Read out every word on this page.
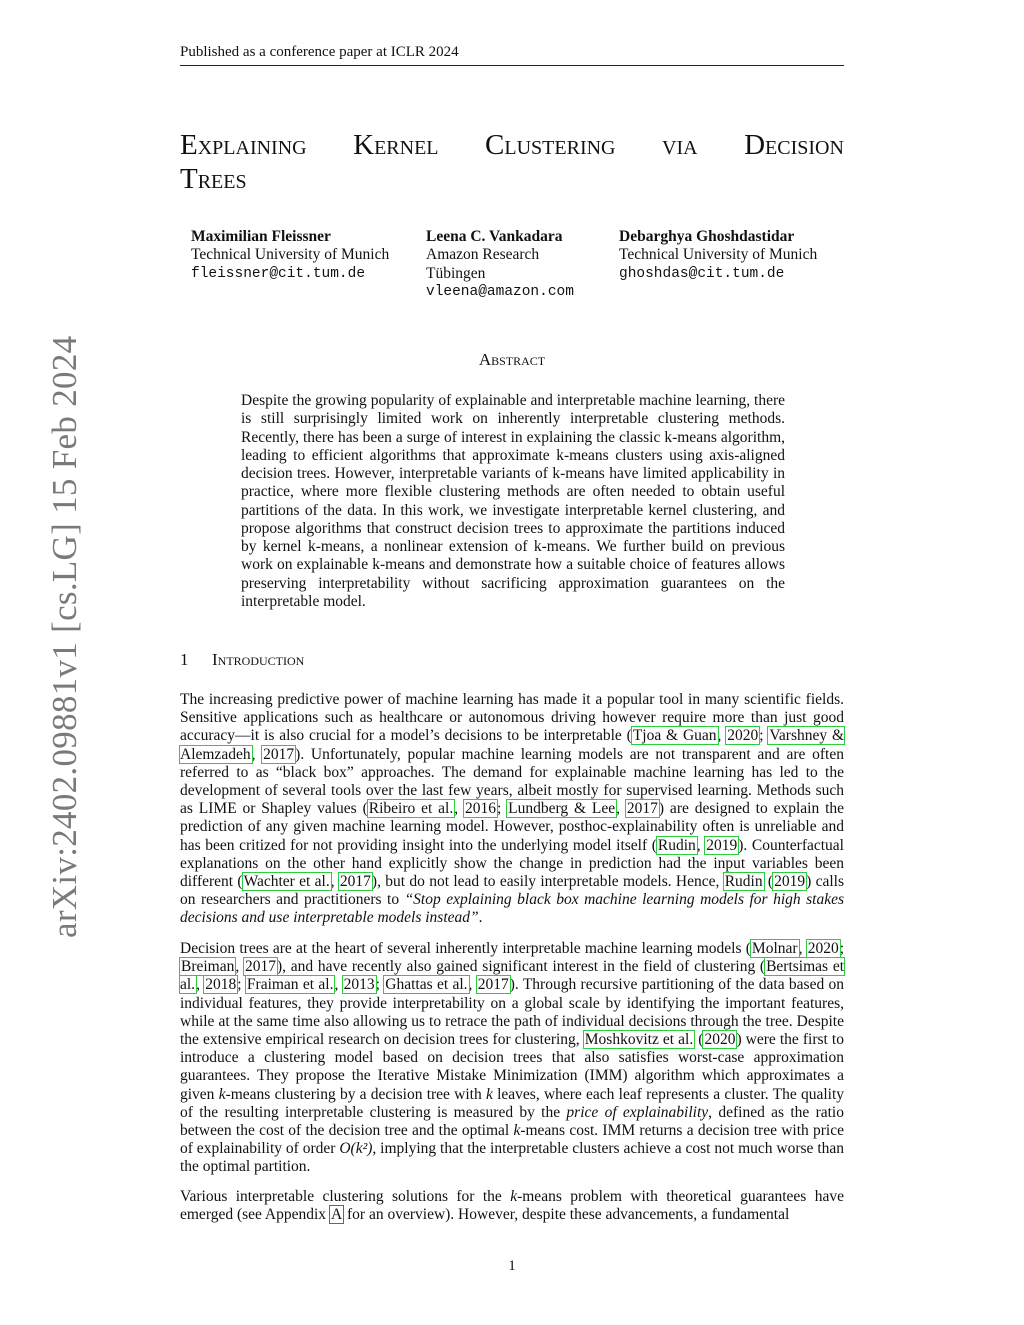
Published as a conference paper at ICLR 2024
arXiv:2402.09881v1 [cs.LG] 15 Feb 2024
Explaining Kernel Clustering via Decision
Trees
Maximilian Fleissner
Technical University of Munich
fleissner@cit.tum.de
Leena C. Vankadara
Amazon Research
Tübingen
vleena@amazon.com
Debarghya Ghoshdastidar
Technical University of Munich
ghoshdas@cit.tum.de
Abstract
Despite the growing popularity of explainable and interpretable machine learning, there is still surprisingly limited work on inherently interpretable clustering methods. Recently, there has been a surge of interest in explaining the classic k-means algorithm, leading to efficient algorithms that approximate k-means clusters using axis-aligned decision trees. However, interpretable variants of k-means have limited applicability in practice, where more flexible clustering methods are often needed to obtain useful partitions of the data. In this work, we investigate interpretable kernel clustering, and propose algorithms that construct decision trees to approximate the partitions induced by kernel k-means, a nonlinear extension of k-means. We further build on previous work on explainable k-means and demonstrate how a suitable choice of features allows preserving interpretability without sacrificing approximation guarantees on the interpretable model.
1 Introduction

The increasing predictive power of machine learning has made it a popular tool in many scientific fields. Sensitive applications such as healthcare or autonomous driving however require more than just good accuracy—it is also crucial for a model’s decisions to be interpretable (Tjoa & Guan, 2020; Varshney & Alemzadeh, 2017). Unfortunately, popular machine learning models are not transparent and are often referred to as “black box” approaches. The demand for explainable machine learning has led to the development of several tools over the last few years, albeit mostly for supervised learning. Methods such as LIME or Shapley values (Ribeiro et al., 2016; Lundberg & Lee, 2017) are designed to explain the prediction of any given machine learning model. However, posthoc-explainability often is unreliable and has been critized for not providing insight into the underlying model itself (Rudin, 2019). Counterfactual explanations on the other hand explicitly show the change in prediction had the input variables been different (Wachter et al., 2017), but do not lead to easily interpretable models. Hence, Rudin (2019) calls on researchers and practitioners to “Stop explaining black box machine learning models for high stakes decisions and use interpretable models instead”.

Decision trees are at the heart of several inherently interpretable machine learning models (Molnar, 2020; Breiman, 2017), and have recently also gained significant interest in the field of clustering (Bertsimas et al., 2018; Fraiman et al., 2013; Ghattas et al., 2017). Through recursive partitioning of the data based on individual features, they provide interpretability on a global scale by identifying the important features, while at the same time also allowing us to retrace the path of individual decisions through the tree. Despite the extensive empirical research on decision trees for clustering, Moshkovitz et al. (2020) were the first to introduce a clustering model based on decision trees that also satisfies worst-case approximation guarantees. They propose the Iterative Mistake Minimization (IMM) algorithm which approximates a given k-means clustering by a decision tree with k leaves, where each leaf represents a cluster. The quality of the resulting interpretable clustering is measured by the price of explainability, defined as the ratio between the cost of the decision tree and the optimal k-means cost. IMM returns a decision tree with price of explainability of order O(k²), implying that the interpretable clusters achieve a cost not much worse than the optimal partition.

Various interpretable clustering solutions for the k-means problem with theoretical guarantees have emerged (see Appendix A for an overview). However, despite these advancements, a fundamental

1
